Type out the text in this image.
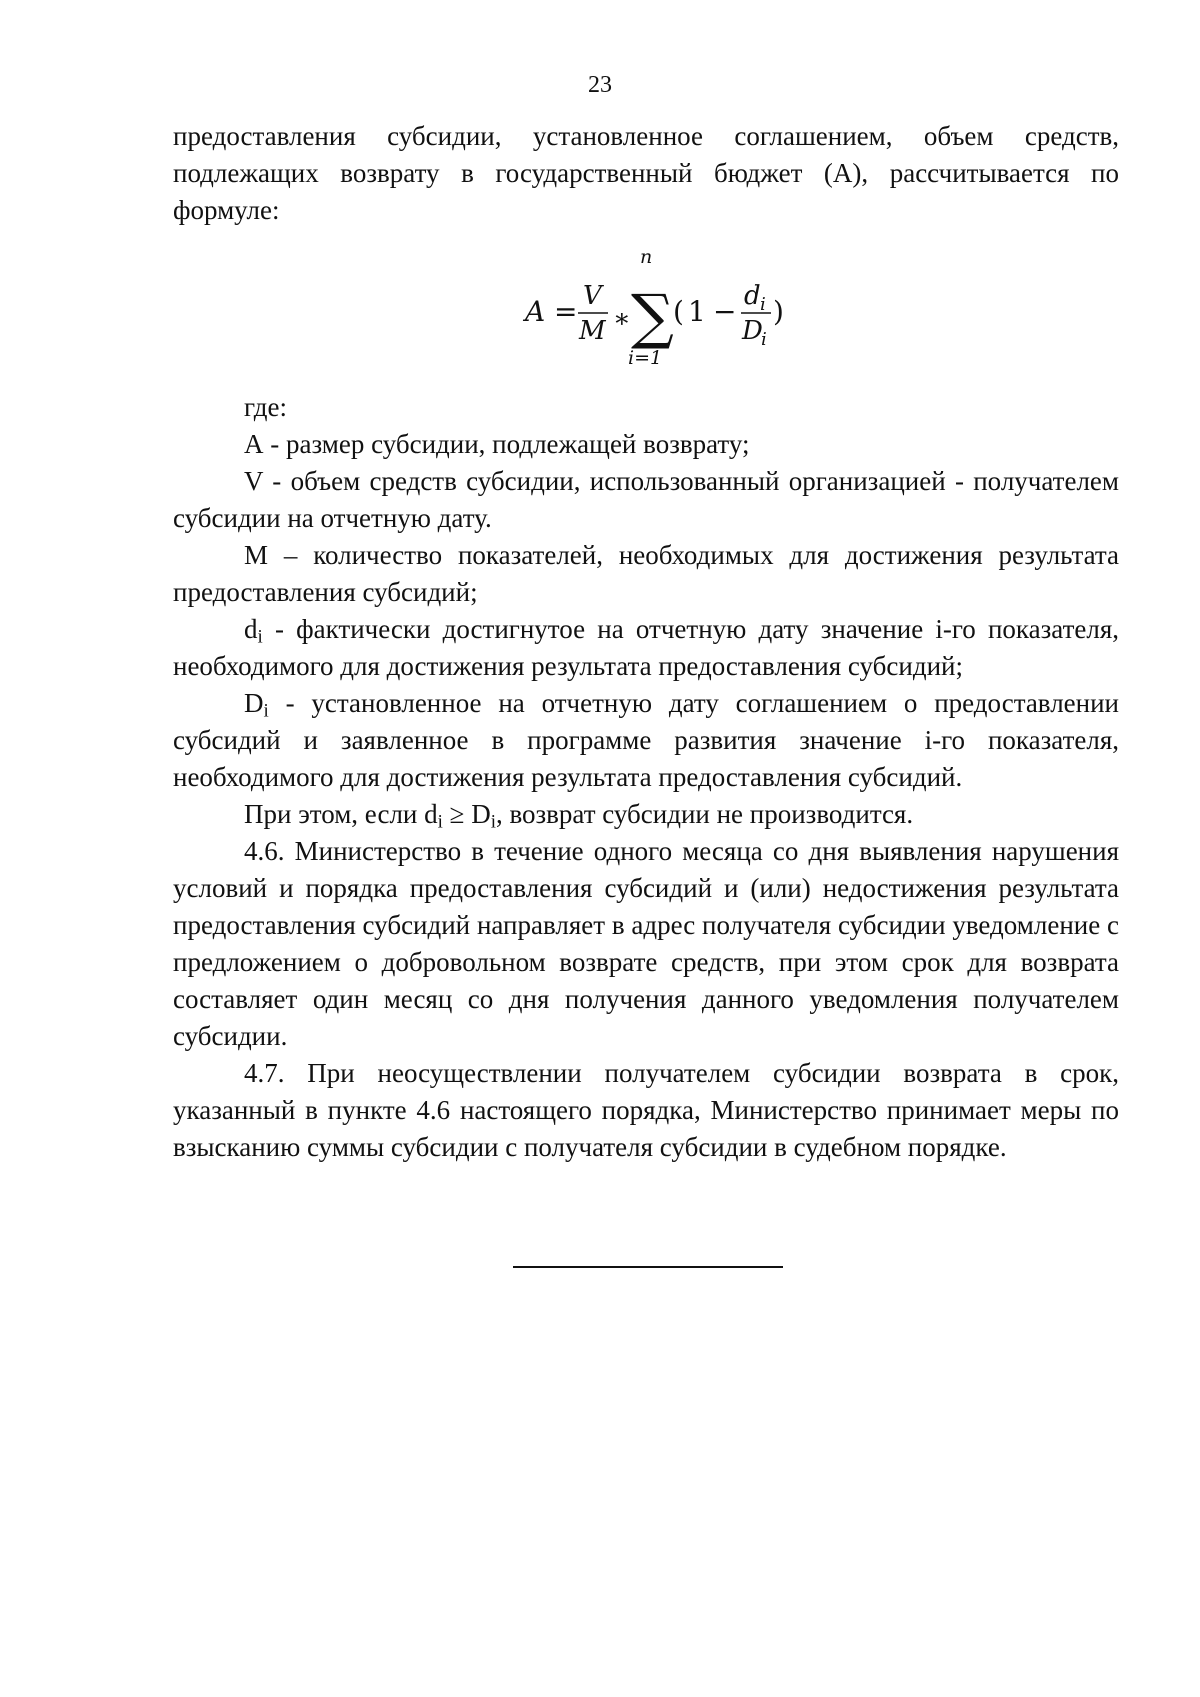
23

предоставления субсидии, установленное соглашением, объем средств, подлежащих возврату в государственный бюджет (А), рассчитывается по формуле:

A = V
M ∗
n
∑
i=1
( 1 − d i
D
i
)

где:

А - размер субсидии, подлежащей возврату;

V - объем средств субсидии, использованный организацией - получателем субсидии на отчетную дату.

М – количество показателей, необходимых для достижения результата предоставления субсидий;

$d_i$ - фактически достигнутое на отчетную дату значение i-го показателя, необходимого для достижения результата предоставления субсидий;

$D_i$ - установленное на отчетную дату соглашением о предоставлении субсидий и заявленное в программе развития значение i-го показателя, необходимого для достижения результата предоставления субсидий.

При этом, если $d_i \ge D_i$, возврат субсидии не производится.

4.6. Министерство в течение одного месяца со дня выявления нарушения условий и порядка предоставления субсидий и (или) недостижения результата предоставления субсидий направляет в адрес получателя субсидии уведомление с предложением о добровольном возврате средств, при этом срок для возврата составляет один месяц со дня получения данного уведомления получателем субсидии.

4.7. При неосуществлении получателем субсидии возврата в срок, указанный в пункте 4.6 настоящего порядка, Министерство принимает меры по взысканию суммы субсидии с получателя субсидии в судебном порядке.
